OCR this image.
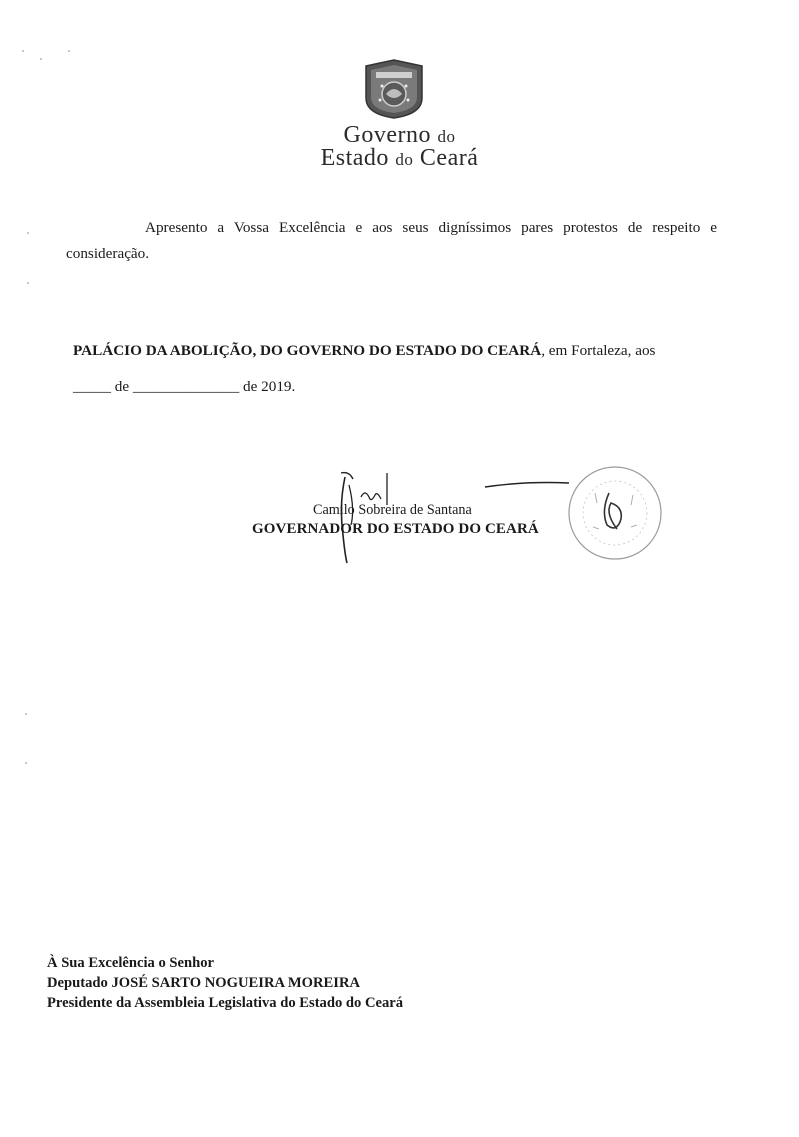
Governo do
Estado do Ceará
Apresento a Vossa Excelência e aos seus digníssimos pares protestos de respeito e consideração.
PALÁCIO DA ABOLIÇÃO, DO GOVERNO DO ESTADO DO CEARÁ, em Fortaleza, aos
_____ de ______________ de 2019.
Camilo Sobreira de Santana
GOVERNADOR DO ESTADO DO CEARÁ
À Sua Excelência o Senhor
Deputado JOSÉ SARTO NOGUEIRA MOREIRA
Presidente da Assembleia Legislativa do Estado do Ceará
